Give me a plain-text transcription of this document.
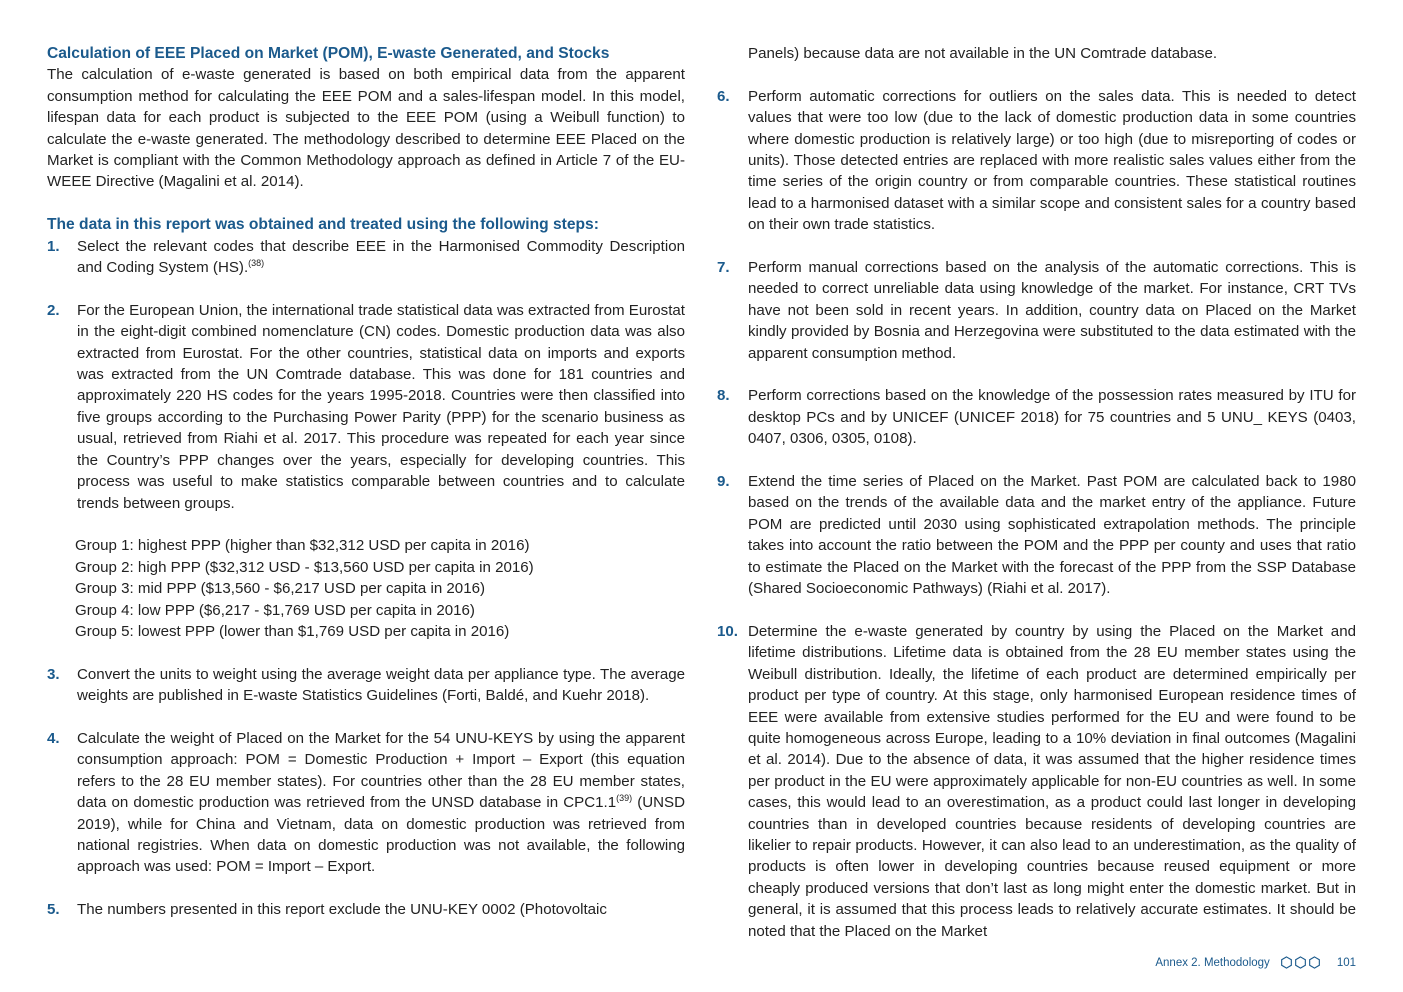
Calculation of EEE Placed on Market (POM), E-waste Generated, and Stocks

The calculation of e-waste generated is based on both empirical data from the apparent consumption method for calculating the EEE POM and a sales-lifespan model. In this model, lifespan data for each product is subjected to the EEE POM (using a Weibull function) to calculate the e-waste generated. The methodology described to determine EEE Placed on the Market is compliant with the Common Methodology approach as defined in Article 7 of the EU-WEEE Directive (Magalini et al. 2014).

The data in this report was obtained and treated using the following steps:

1.	Select the relevant codes that describe EEE in the Harmonised Commodity Description and Coding System (HS).$^{(38)}$

2.	For the European Union, the international trade statistical data was extracted from Eurostat in the eight-digit combined nomenclature (CN) codes. Domestic production data was also extracted from Eurostat. For the other countries, statistical data on imports and exports was extracted from the UN Comtrade database. This was done for 181 countries and approximately 220 HS codes for the years 1995-2018. Countries were then classified into five groups according to the Purchasing Power Parity (PPP) for the scenario business as usual, retrieved from Riahi et al. 2017. This procedure was repeated for each year since the Country’s PPP changes over the years, especially for developing countries. This process was useful to make statistics comparable between countries and to calculate trends between groups.

Group 1: highest PPP (higher than $32,312 USD per capita in 2016)

Group 2: high PPP ($32,312 USD - $13,560 USD per capita in 2016)

Group 3: mid PPP ($13,560 - $6,217 USD per capita in 2016)

Group 4: low PPP ($6,217 - $1,769 USD per capita in 2016)

Group 5: lowest PPP (lower than $1,769 USD per capita in 2016)

3.	Convert the units to weight using the average weight data per appliance type. The average weights are published in E-waste Statistics Guidelines (Forti, Baldé, and Kuehr 2018).

4.	Calculate the weight of Placed on the Market for the 54 UNU-KEYS by using the apparent consumption approach: POM = Domestic Production + Import – Export (this equation refers to the 28 EU member states). For countries other than the 28 EU member states, data on domestic production was retrieved from the UNSD database in CPC1.1$^{(39)}$ (UNSD 2019), while for China and Vietnam, data on domestic production was retrieved from national registries. When data on domestic production was not available, the following approach was used: POM = Import – Export.

5.	The numbers presented in this report exclude the UNU-KEY 0002 (Photovoltaic

Panels) because data are not available in the UN Comtrade database.

6.	Perform automatic corrections for outliers on the sales data. This is needed to detect values that were too low (due to the lack of domestic production data in some countries where domestic production is relatively large) or too high (due to misreporting of codes or units). Those detected entries are replaced with more realistic sales values either from the time series of the origin country or from comparable countries. These statistical routines lead to a harmonised dataset with a similar scope and consistent sales for a country based on their own trade statistics.

7.	Perform manual corrections based on the analysis of the automatic corrections. This is needed to correct unreliable data using knowledge of the market. For instance, CRT TVs have not been sold in recent years. In addition, country data on Placed on the Market kindly provided by Bosnia and Herzegovina were substituted to the data estimated with the apparent consumption method.

8.	Perform corrections based on the knowledge of the possession rates measured by ITU for desktop PCs and by UNICEF (UNICEF 2018) for 75 countries and 5 UNU_ KEYS (0403, 0407, 0306, 0305, 0108).

9.	Extend the time series of Placed on the Market. Past POM are calculated back to 1980 based on the trends of the available data and the market entry of the appliance. Future POM are predicted until 2030 using sophisticated extrapolation methods. The principle takes into account the ratio between the POM and the PPP per county and uses that ratio to estimate the Placed on the Market with the forecast of the PPP from the SSP Database (Shared Socioeconomic Pathways) (Riahi et al. 2017).

10. Determine the e-waste generated by country by using the Placed on the Market and lifetime distributions. Lifetime data is obtained from the 28 EU member states using the Weibull distribution. Ideally, the lifetime of each product are determined empirically per product per type of country. At this stage, only harmonised European residence times of EEE were available from extensive studies performed for the EU and were found to be quite homogeneous across Europe, leading to a 10% deviation in final outcomes (Magalini et al. 2014). Due to the absence of data, it was assumed that the higher residence times per product in the EU were approximately applicable for non-EU countries as well. In some cases, this would lead to an overestimation, as a product could last longer in developing countries than in developed countries because residents of developing countries are likelier to repair products. However, it can also lead to an underestimation, as the quality of products is often lower in developing countries because reused equipment or more cheaply produced versions that don’t last as long might enter the domestic market. But in general, it is assumed that this process leads to relatively accurate estimates. It should be noted that the Placed on the Market

Annex 2. Methodology	101
